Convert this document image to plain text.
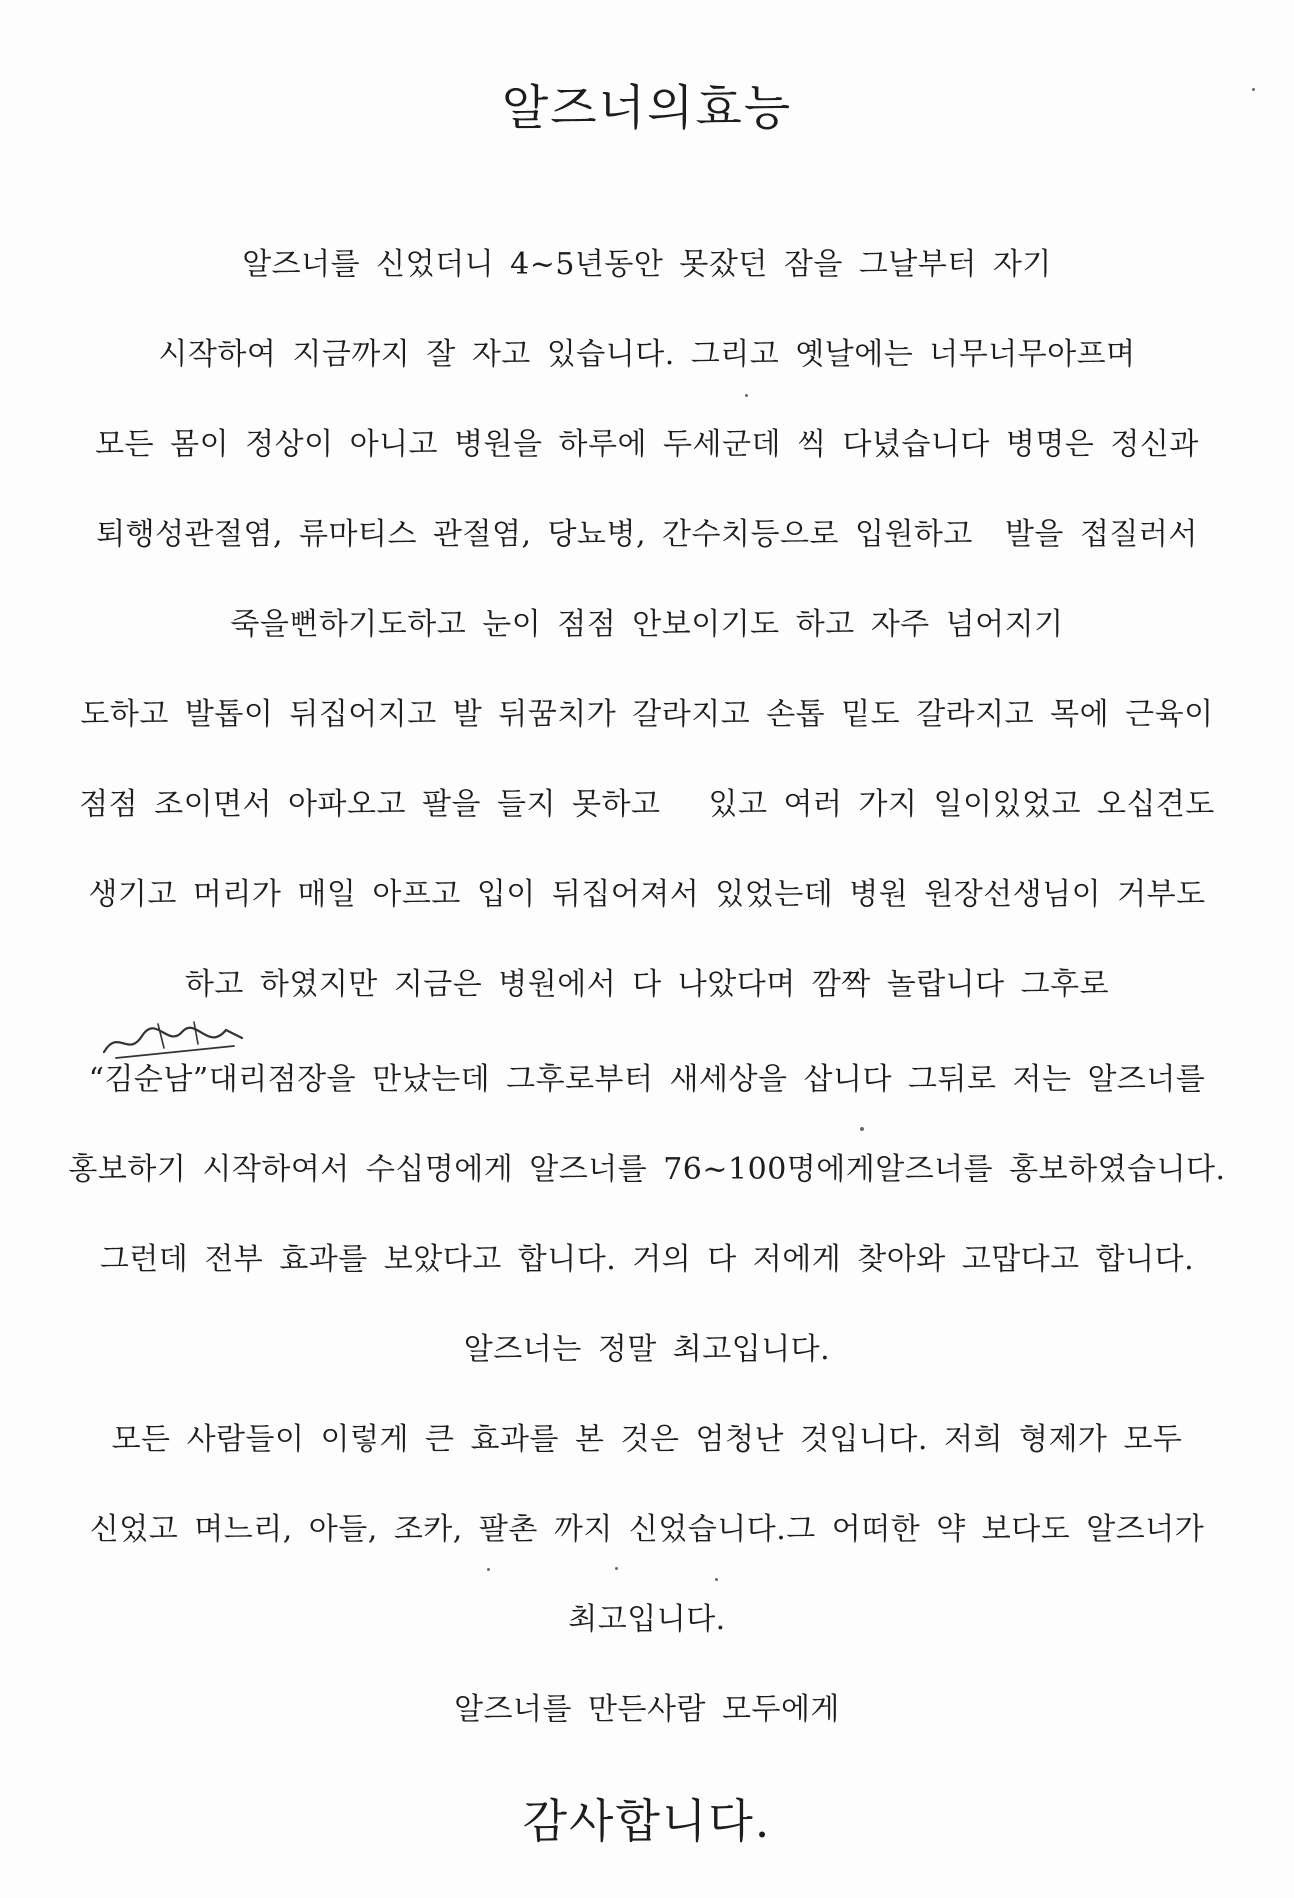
알즈너의효능
알즈너를 신었더니 4~5년동안 못잤던 잠을 그날부터 자기
시작하여 지금까지 잘 자고 있습니다. 그리고 옛날에는 너무너무아프며
모든 몸이 정상이 아니고 병원을 하루에 두세군데 씩 다녔습니다 병명은 정신과
퇴행성관절염, 류마티스 관절염, 당뇨병, 간수치등으로 입원하고  발을 접질러서
죽을뻔하기도하고 눈이 점점 안보이기도 하고 자주 넘어지기
도하고 발톱이 뒤집어지고 발 뒤꿈치가 갈라지고 손톱 밑도 갈라지고 목에 근육이
점점 조이면서 아파오고 팔을 들지 못하고   있고 여러 가지 일이있었고 오십견도
생기고 머리가 매일 아프고 입이 뒤집어져서 있었는데 병원 원장선생님이 거부도
하고 하였지만 지금은 병원에서 다 나았다며 깜짝 놀랍니다 그후로
“김순남”대리점장을 만났는데 그후로부터 새세상을 삽니다 그뒤로 저는 알즈너를
홍보하기 시작하여서 수십명에게 알즈너를 76~100명에게알즈너를 홍보하였습니다.
그런데 전부 효과를 보았다고 합니다. 거의 다 저에게 찾아와 고맙다고 합니다.
알즈너는 정말 최고입니다.
모든 사람들이 이렇게 큰 효과를 본 것은 엄청난 것입니다. 저희 형제가 모두
신었고 며느리, 아들, 조카, 팔촌 까지 신었습니다.그 어떠한 약 보다도 알즈너가
최고입니다.
알즈너를 만든사람 모두에게
감사합니다.
